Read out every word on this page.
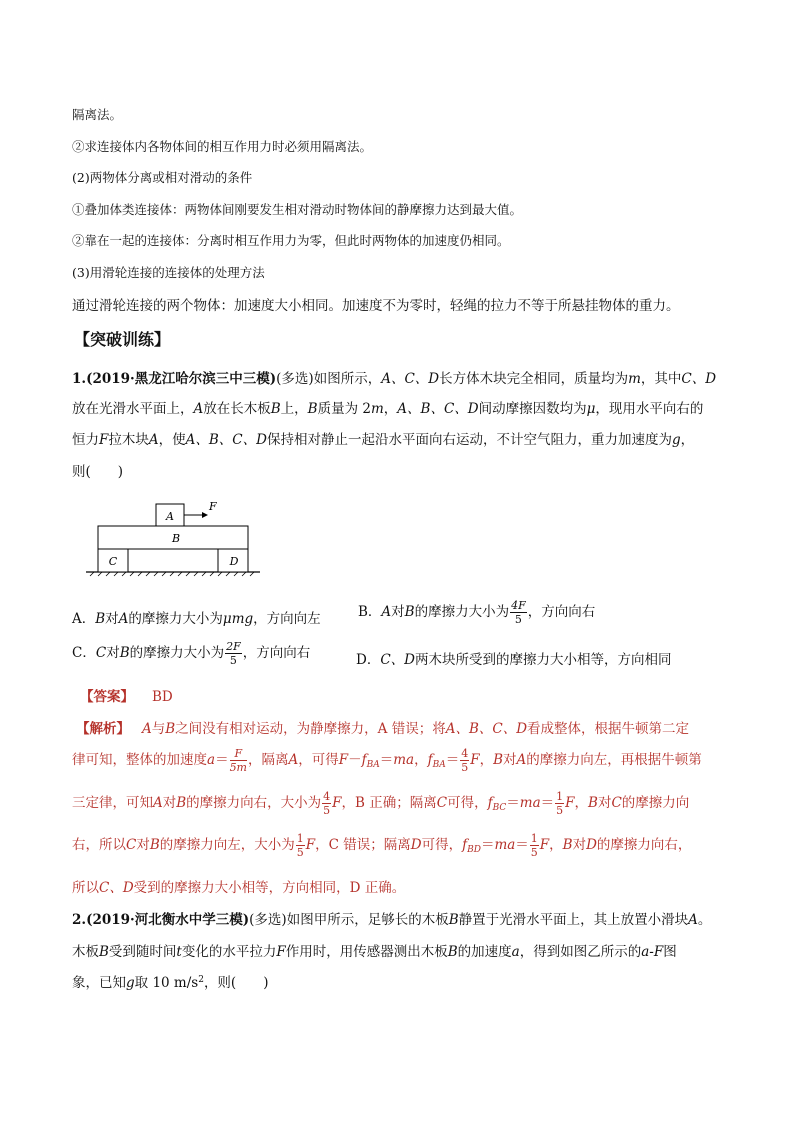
隔离法。
②求连接体内各物体间的相互作用力时必须用隔离法。
(2)两物体分离或相对滑动的条件
①叠加体类连接体：两物体间刚要发生相对滑动时物体间的静摩擦力达到最大值。
②靠在一起的连接体：分离时相互作用力为零，但此时两物体的加速度仍相同。
(3)用滑轮连接的连接体的处理方法
通过滑轮连接的两个物体：加速度大小相同。加速度不为零时，轻绳的拉力不等于所悬挂物体的重力。
【突破训练】
1.(2019·黑龙江哈尔滨三中三模)(多选)如图所示，A、C、D长方体木块完全相同，质量均为m，其中C、D
放在光滑水平面上，A放在长木板B上，B质量为 2m，A、B、C、D间动摩擦因数均为μ，现用水平向右的
恒力F拉木块A，使A、B、C、D保持相对静止一起沿水平面向右运动，不计空气阻力，重力加速度为g，
则(　　)
A
B
C	D
F
A．B对A的摩擦力大小为μmg，方向向左	B．A对B的摩擦力大小为 $\frac{4F}{5}$ ，方向向右
C．C对B的摩擦力大小为 $\frac{2F}{5}$ ，方向向右	D．C、D两木块所受到的摩擦力大小相等，方向相同
【答案】 BD
【解析】 A与B之间没有相对运动，为静摩擦力，A 错误；将A、B、C、D看成整体，根据牛顿第二定
律可知，整体的加速度$a= \frac{F}{5m}$ ，隔离A，可得$F-f_{BA}=ma$，$f_{BA}= \frac{4}{5}$ F，B对A的摩擦力向左，再根据牛顿第
三定律，可知A对B的摩擦力向右，大小为 $\frac{4}{5}$ F，B 正确；隔离C可得，$f_{BC}=ma= \frac{1}{5}$ F，B对C的摩擦力向
右，所以C对B的摩擦力向左，大小为 $\frac{1}{5}$ F，C 错误；隔离D可得，$f_{BD}=ma= \frac{1}{5}$ F，B对D的摩擦力向右，
所以C、D受到的摩擦力大小相等，方向相同，D 正确。
2.(2019·河北衡水中学三模)(多选)如图甲所示，足够长的木板B静置于光滑水平面上，其上放置小滑块A。
木板B受到随时间t变化的水平拉力F作用时，用传感器测出木板B的加速度a，得到如图乙所示的a-F图
象，已知g取 10 $m/s^2$，则(　　)
